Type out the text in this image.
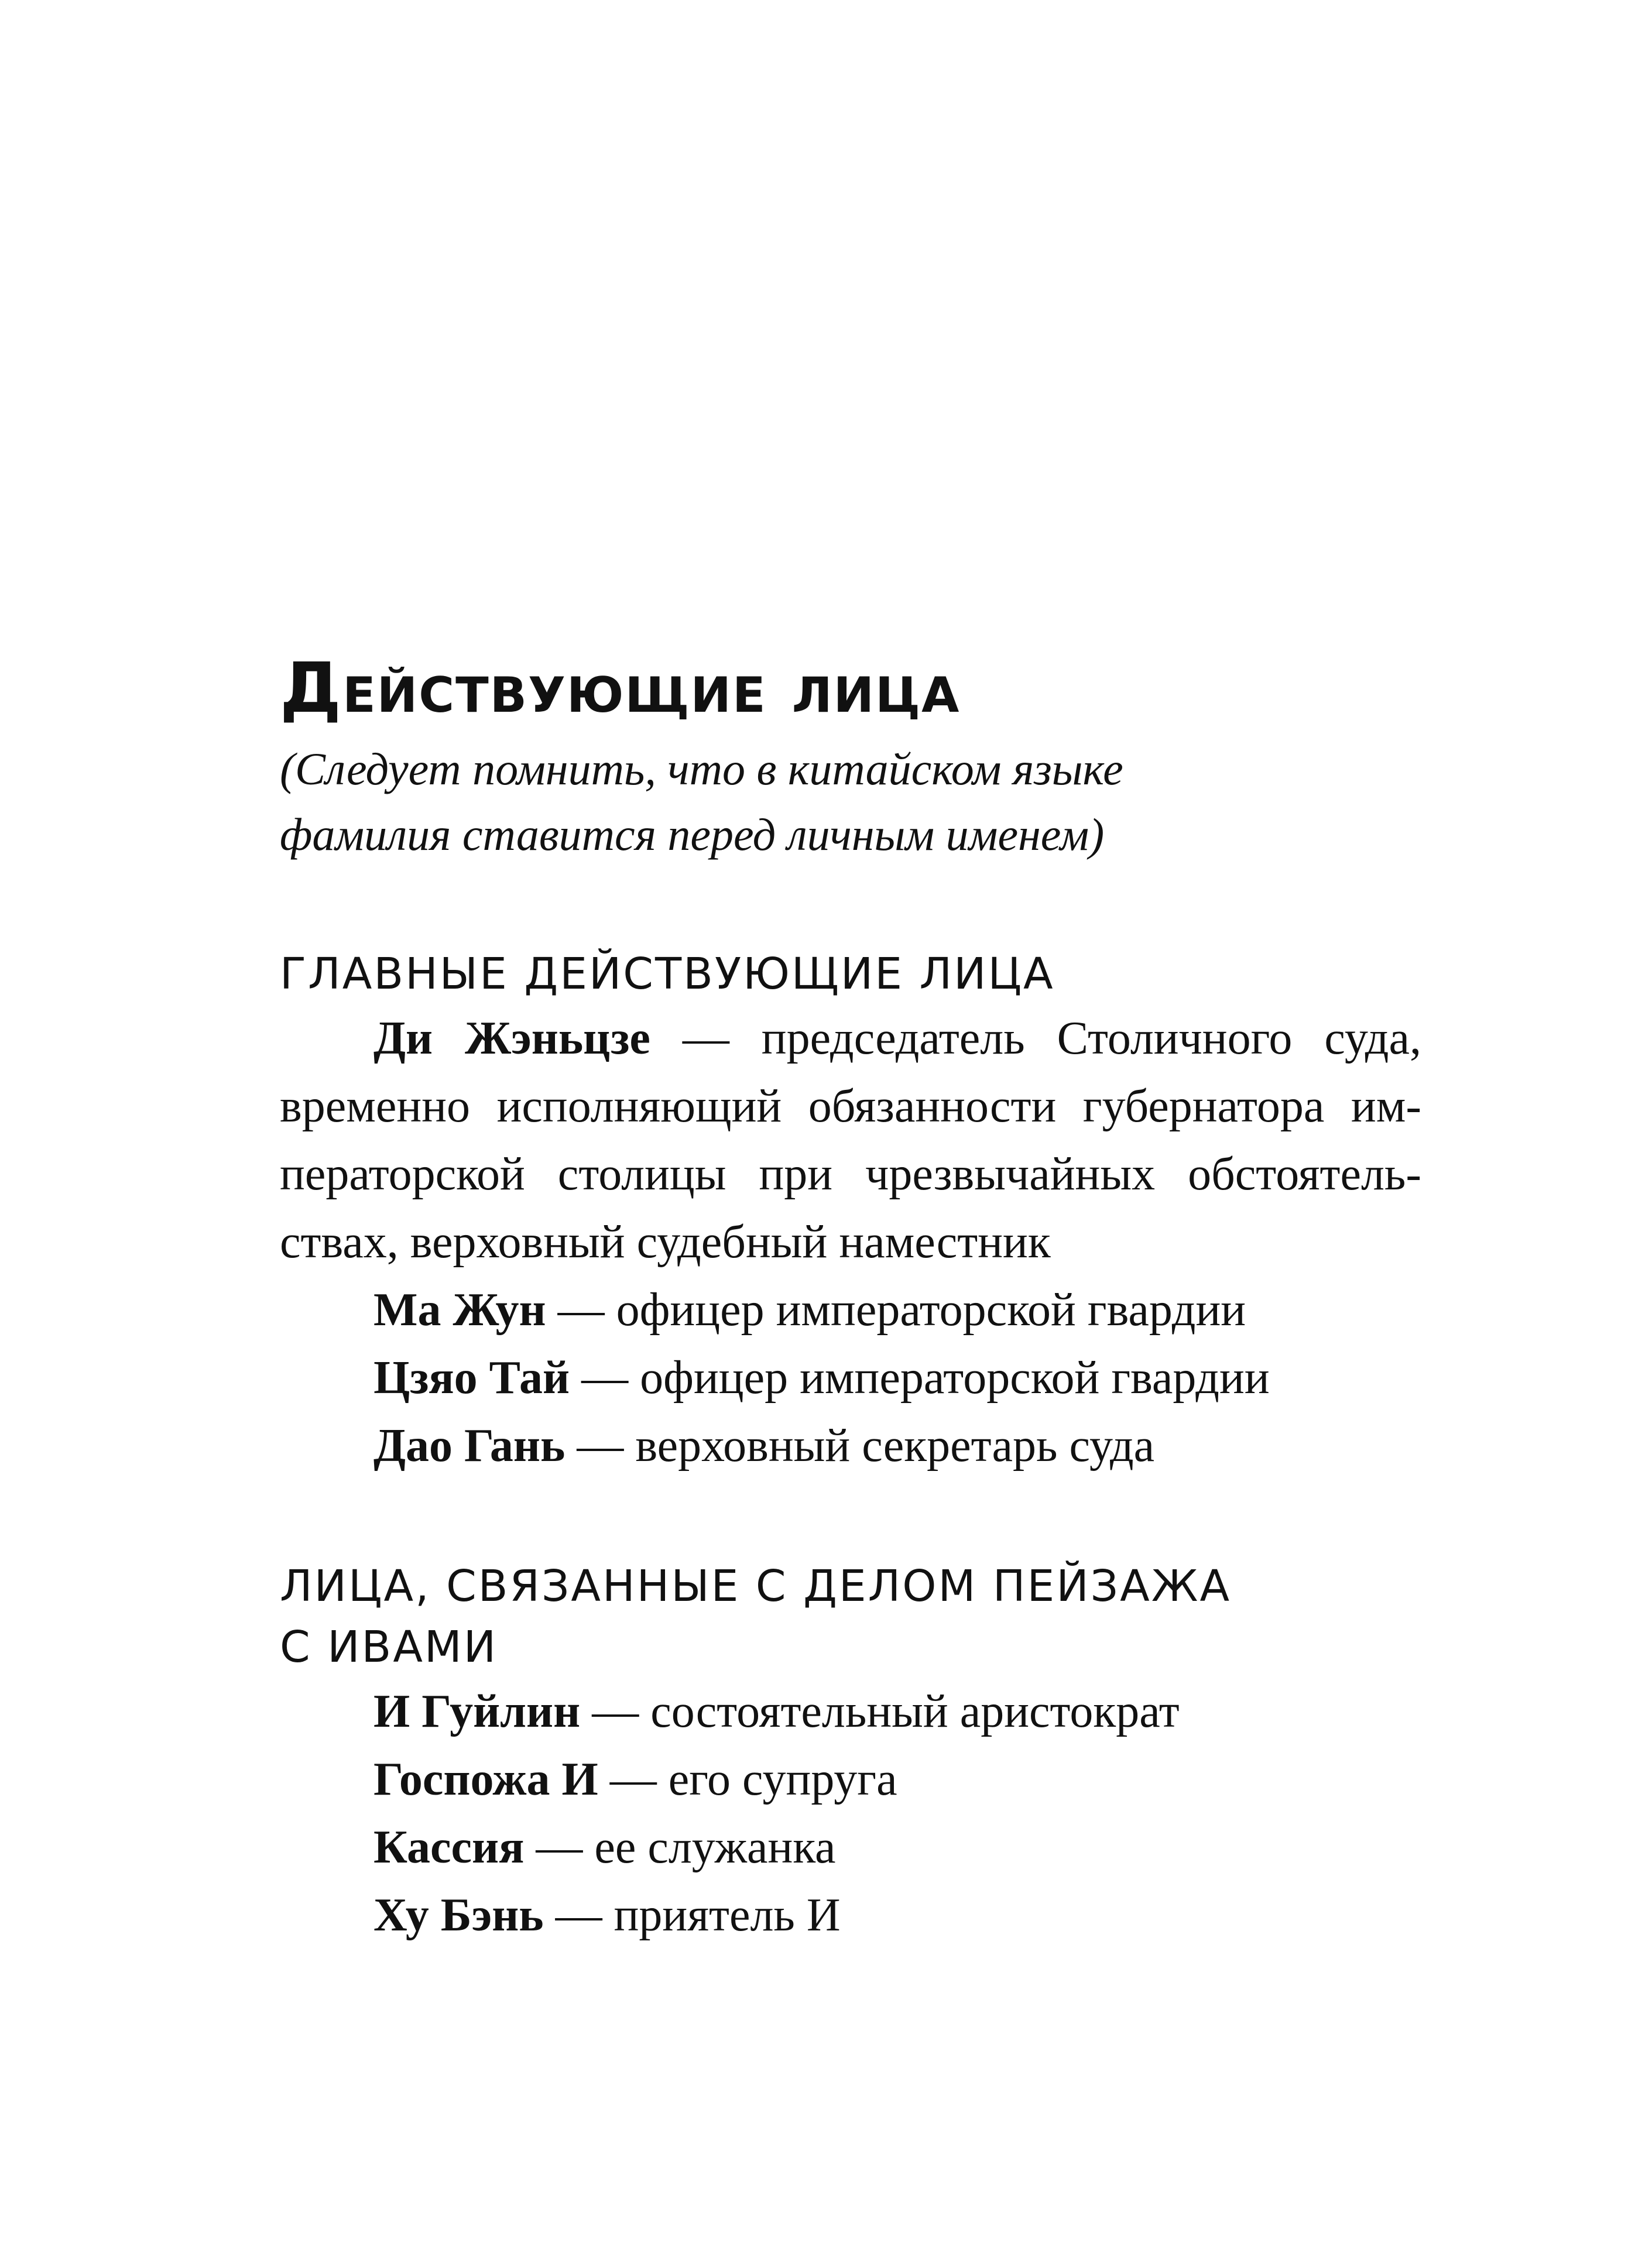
Действующие лица

(Следует помнить, что в китайском языке
фамилия ставится перед личным именем)

ГЛАВНЫЕ ДЕЙСТВУЮЩИЕ ЛИЦА
Ди Жэньцзе — председатель Столичного суда, временно исполняющий обязанности губернатора императорской столицы при чрезвычайных обстоятельствах, верховный судебный наместник
Ма Жун — офицер императорской гвардии
Цзяо Тай — офицер императорской гвардии
Дао Гань — верховный секретарь суда
ЛИЦА, СВЯЗАННЫЕ С ДЕЛОМ ПЕЙЗАЖА
С ИВАМИ
И Гуйлин — состоятельный аристократ
Госпожа И — его супруга
Кассия — ее служанка
Ху Бэнь — приятель И
